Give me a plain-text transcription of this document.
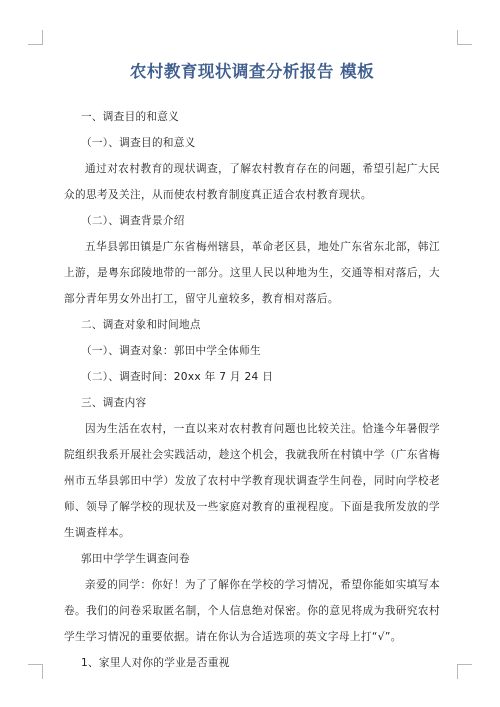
农村教育现状调查分析报告 模板

一、调查目的和意义

（一）、调查目的和意义

通过对农村教育的现状调查，了解农村教育存在的问题，希望引起广大民众的思考及关注，从而使农村教育制度真正适合农村教育现状。

（二）、调查背景介绍

五华县郭田镇是广东省梅州辖县，革命老区县，地处广东省东北部，韩江上游，是粤东邱陵地带的一部分。这里人民以种地为生，交通等相对落后，大部分青年男女外出打工，留守儿童较多，教育相对落后。

二、调查对象和时间地点

（一）、调查对象：郭田中学全体师生

（二）、调查时间：20xx 年 7 月 24 日

三、调查内容

因为生活在农村，一直以来对农村教育问题也比较关注。恰逢今年暑假学院组织我系开展社会实践活动，趁这个机会，我就我所在村镇中学（广东省梅州市五华县郭田中学）发放了农村中学教育现状调查学生问卷，同时向学校老师、领导了解学校的现状及一些家庭对教育的重视程度。下面是我所发放的学生调查样本。

郭田中学学生调查问卷

亲爱的同学：你好！为了了解你在学校的学习情况，希望你能如实填写本卷。我们的问卷采取匿名制，个人信息绝对保密。你的意见将成为我研究农村学生学习情况的重要依据。请在你认为合适选项的英文字母上打“√”。

1、家里人对你的学业是否重视
